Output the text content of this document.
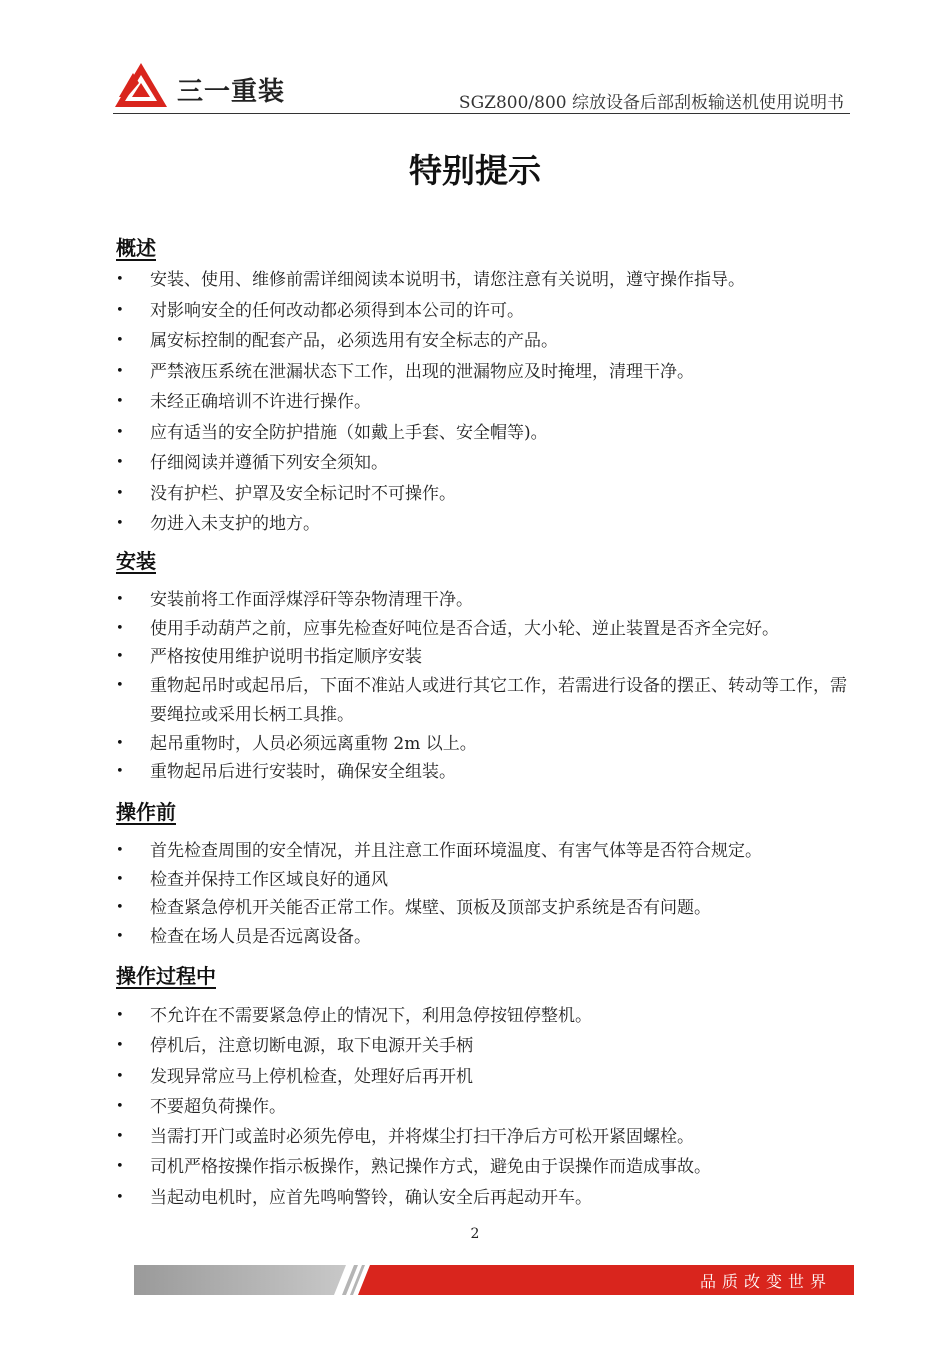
三一重装	SGZ800/800 综放设备后部刮板输送机使用说明书
特别提示
概述
• 安装、使用、维修前需详细阅读本说明书，请您注意有关说明，遵守操作指导。
• 对影响安全的任何改动都必须得到本公司的许可。
• 属安标控制的配套产品，必须选用有安全标志的产品。
• 严禁液压系统在泄漏状态下工作，出现的泄漏物应及时掩埋，清理干净。
• 未经正确培训不许进行操作。
• 应有适当的安全防护措施（如戴上手套、安全帽等)。
• 仔细阅读并遵循下列安全须知。
• 没有护栏、护罩及安全标记时不可操作。
• 勿进入未支护的地方。
安装
• 安装前将工作面浮煤浮矸等杂物清理干净。
• 使用手动葫芦之前，应事先检查好吨位是否合适，大小轮、逆止装置是否齐全完好。
• 严格按使用维护说明书指定顺序安装
• 重物起吊时或起吊后，下面不准站人或进行其它工作，若需进行设备的摆正、转动等工作，需要绳拉或采用长柄工具推。
• 起吊重物时，人员必须远离重物 2m 以上。
• 重物起吊后进行安装时，确保安全组装。
操作前
• 首先检查周围的安全情况，并且注意工作面环境温度、有害气体等是否符合规定。
• 检查并保持工作区域良好的通风
• 检查紧急停机开关能否正常工作。煤壁、顶板及顶部支护系统是否有问题。
• 检查在场人员是否远离设备。
操作过程中
• 不允许在不需要紧急停止的情况下，利用急停按钮停整机。
• 停机后，注意切断电源，取下电源开关手柄
• 发现异常应马上停机检查，处理好后再开机
• 不要超负荷操作。
• 当需打开门或盖时必须先停电，并将煤尘打扫干净后方可松开紧固螺栓。
• 司机严格按操作指示板操作，熟记操作方式，避免由于误操作而造成事故。
• 当起动电机时，应首先鸣响警铃，确认安全后再起动开车。
2
品质改变世界
